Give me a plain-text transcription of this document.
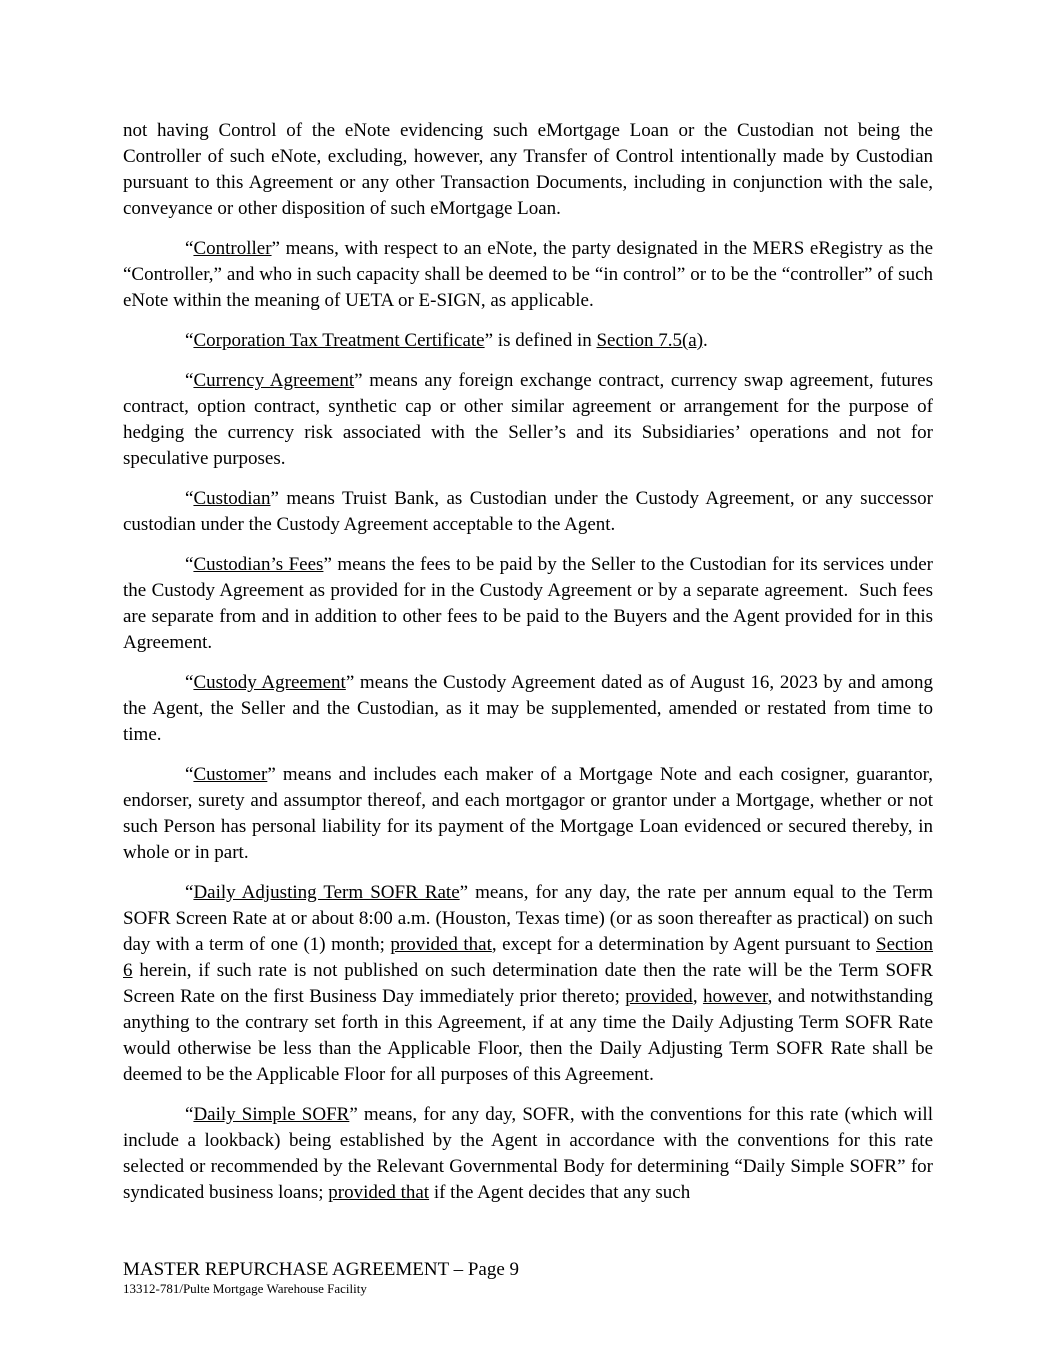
not having Control of the eNote evidencing such eMortgage Loan or the Custodian not being the Controller of such eNote, excluding, however, any Transfer of Control intentionally made by Custodian pursuant to this Agreement or any other Transaction Documents, including in conjunction with the sale, conveyance or other disposition of such eMortgage Loan.

“Controller” means, with respect to an eNote, the party designated in the MERS eRegistry as the “Controller,” and who in such capacity shall be deemed to be “in control” or to be the “controller” of such eNote within the meaning of UETA or E-SIGN, as applicable.

“Corporation Tax Treatment Certificate” is defined in Section 7.5(a).

“Currency Agreement” means any foreign exchange contract, currency swap agreement, futures contract, option contract, synthetic cap or other similar agreement or arrangement for the purpose of hedging the currency risk associated with the Seller’s and its Subsidiaries’ operations and not for speculative purposes.

“Custodian” means Truist Bank, as Custodian under the Custody Agreement, or any successor custodian under the Custody Agreement acceptable to the Agent.

“Custodian’s Fees” means the fees to be paid by the Seller to the Custodian for its services under the Custody Agreement as provided for in the Custody Agreement or by a separate agreement.  Such fees are separate from and in addition to other fees to be paid to the Buyers and the Agent provided for in this Agreement.

“Custody Agreement” means the Custody Agreement dated as of August 16, 2023 by and among the Agent, the Seller and the Custodian, as it may be supplemented, amended or restated from time to time.

“Customer” means and includes each maker of a Mortgage Note and each cosigner, guarantor, endorser, surety and assumptor thereof, and each mortgagor or grantor under a Mortgage, whether or not such Person has personal liability for its payment of the Mortgage Loan evidenced or secured thereby, in whole or in part.

“Daily Adjusting Term SOFR Rate” means, for any day, the rate per annum equal to the Term SOFR Screen Rate at or about 8:00 a.m. (Houston, Texas time) (or as soon thereafter as practical) on such day with a term of one (1) month; provided that, except for a determination by Agent pursuant to Section 6 herein, if such rate is not published on such determination date then the rate will be the Term SOFR Screen Rate on the first Business Day immediately prior thereto; provided, however, and notwithstanding anything to the contrary set forth in this Agreement, if at any time the Daily Adjusting Term SOFR Rate would otherwise be less than the Applicable Floor, then the Daily Adjusting Term SOFR Rate shall be deemed to be the Applicable Floor for all purposes of this Agreement.

“Daily Simple SOFR” means, for any day, SOFR, with the conventions for this rate (which will include a lookback) being established by the Agent in accordance with the conventions for this rate selected or recommended by the Relevant Governmental Body for determining “Daily Simple SOFR” for syndicated business loans; provided that if the Agent decides that any such

MASTER REPURCHASE AGREEMENT – Page 9
13312-781/Pulte Mortgage Warehouse Facility
